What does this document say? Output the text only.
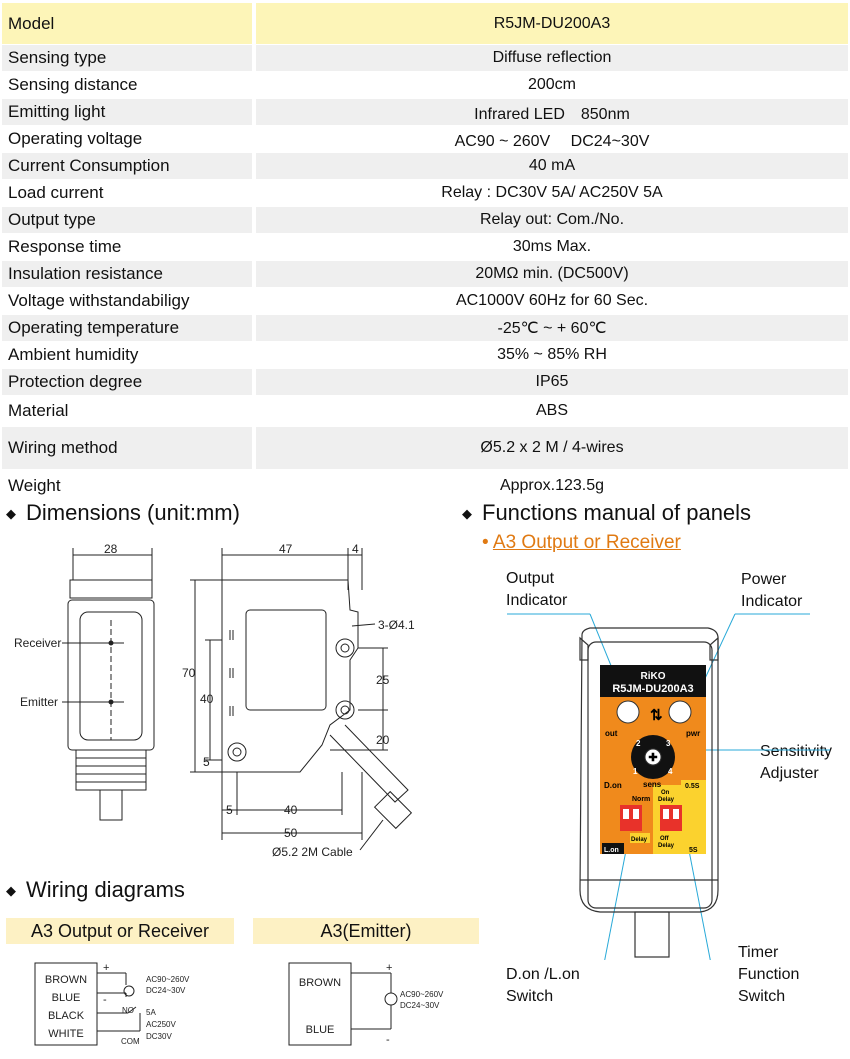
Model	R5JM-DU200A3
Sensing type	Diffuse reflection
Sensing distance	200cm
Emitting light	Infrared LED　850nm
Operating voltage	AC90 ~ 260V　 DC24~30V
Current Consumption	40 mA
Load current	Relay : DC30V 5A/ AC250V 5A
Output type	Relay out: Com./No.
Response time	30ms Max.
Insulation resistance	20MΩ min. (DC500V)
Voltage withstandabiligy	AC1000V 60Hz for 60 Sec.
Operating temperature	-25℃ ~ + 60℃
Ambient humidity	35% ~ 85% RH
Protection degree	IP65
Material	ABS
Wiring method	Ø5.2 x 2 M / 4-wires
Weight	Approx.123.5g
◆ Dimensions (unit:mm)	◆ Functions manual of panels
• A3 Output or Receiver
◆ Wiring diagrams
28
Receiver
Emitter
47	4
3-Ø4.1
70
40
5
25
20
5	40
50
Ø5.2 2M Cable
Output
Indicator
Power
Indicator
Sensitivity
Adjuster
D.on /L.on
Switch
Timer
Function
Switch
RiKO
R5JM-DU200A3
out	pwr
⇅
✚
1
2	3
4
sens
D.on
Norm
0.5S
On
Delay
Delay Off
Delay
L.on	5S
A3 Output or Receiver	A3(Emitter)
BROWN
BLUE
BLACK
WHITE
+
-
NO
COM
AC90~260V
DC24~30V
5A
AC250V
DC30V
BROWN
BLUE
+
-
AC90~260V
DC24~30V
